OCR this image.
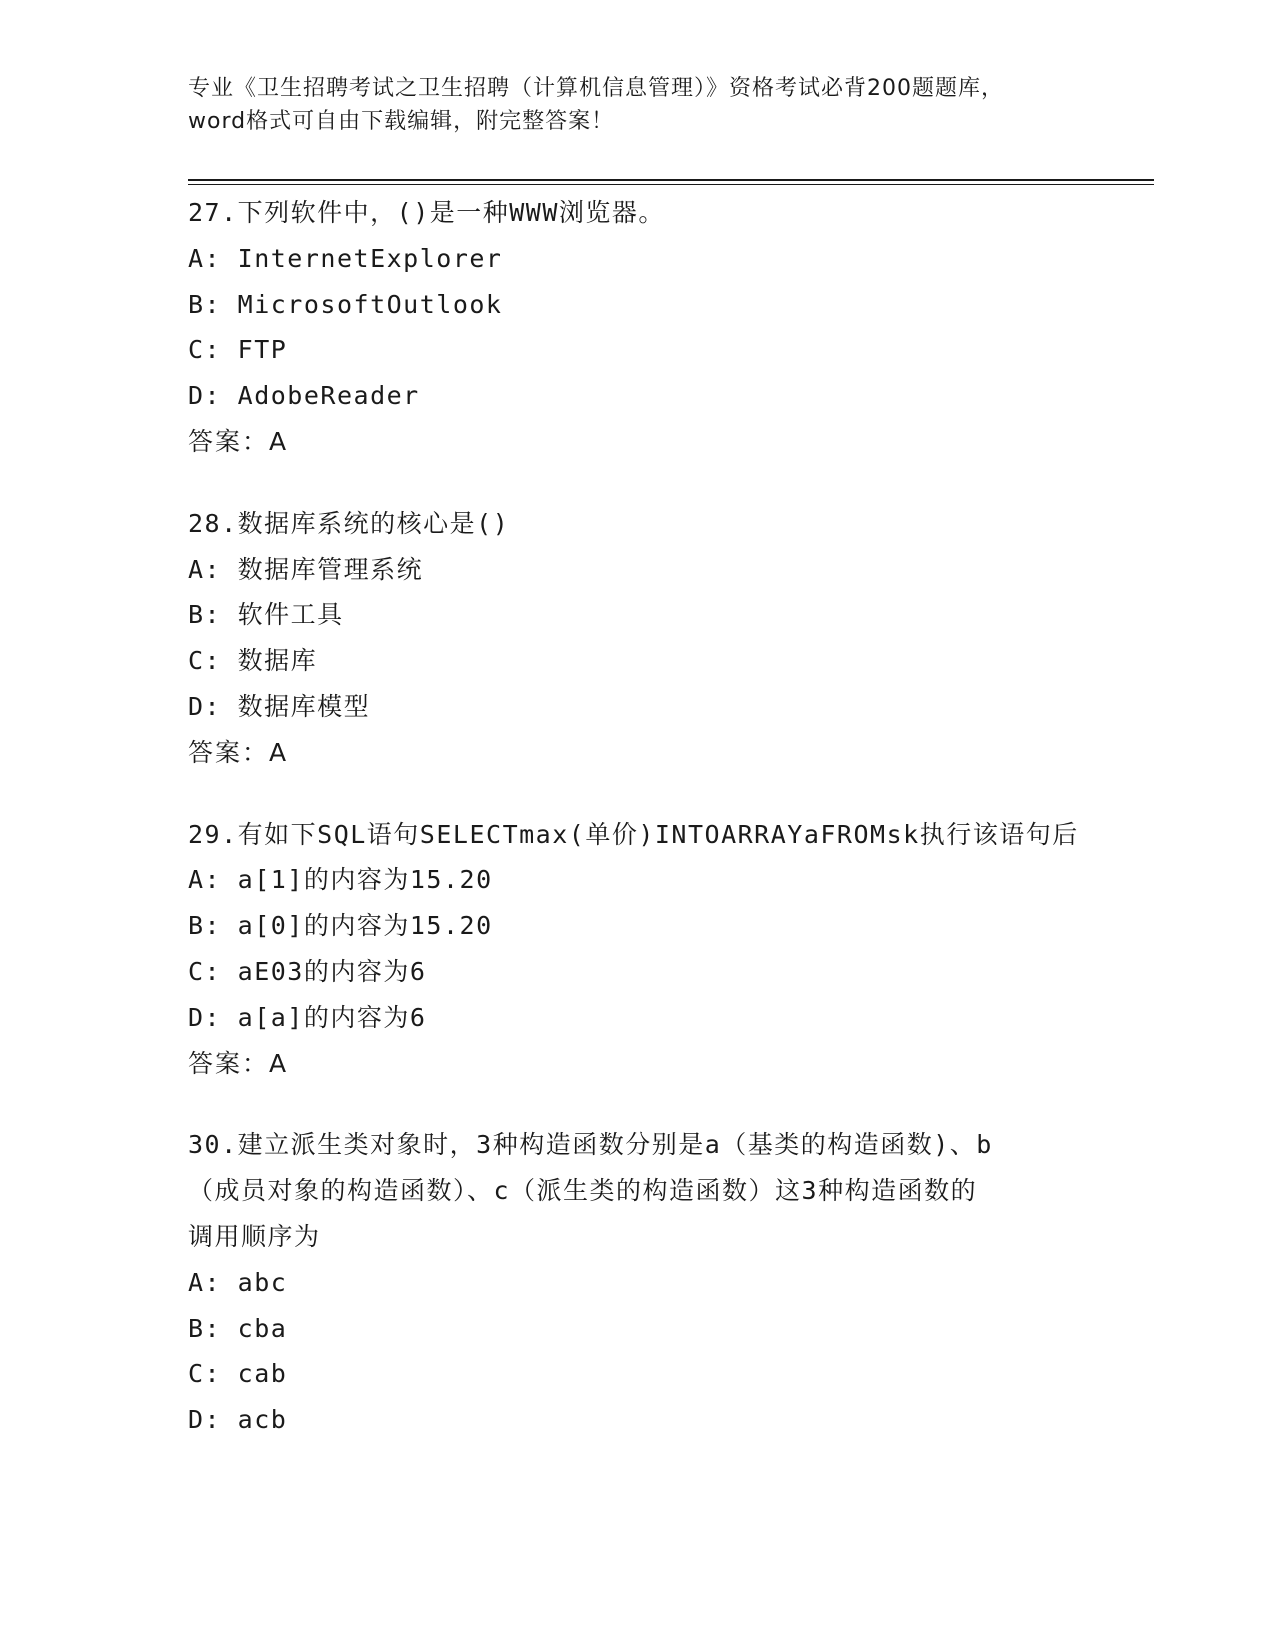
专业《卫生招聘考试之卫生招聘（计算机信息管理）》资格考试必背200题题库，
word格式可自由下载编辑，附完整答案！
27.下列软件中，()是一种WWW浏览器。
A: InternetExplorer
B: MicrosoftOutlook
C: FTP
D: AdobeReader
答案：A
28.数据库系统的核心是()
A: 数据库管理系统
B: 软件工具
C: 数据库
D: 数据库模型
答案：A
29.有如下SQL语句SELECTmax(单价)INTOARRAYaFROMsk执行该语句后
A: a[1]的内容为15.20
B: a[0]的内容为15.20
C: aE03的内容为6
D: a[a]的内容为6
答案：A
30.建立派生类对象时，3种构造函数分别是a（基类的构造函数)、b
（成员对象的构造函数）、c（派生类的构造函数）这3种构造函数的
调用顺序为
A: abc
B: cba
C: cab
D: acb
